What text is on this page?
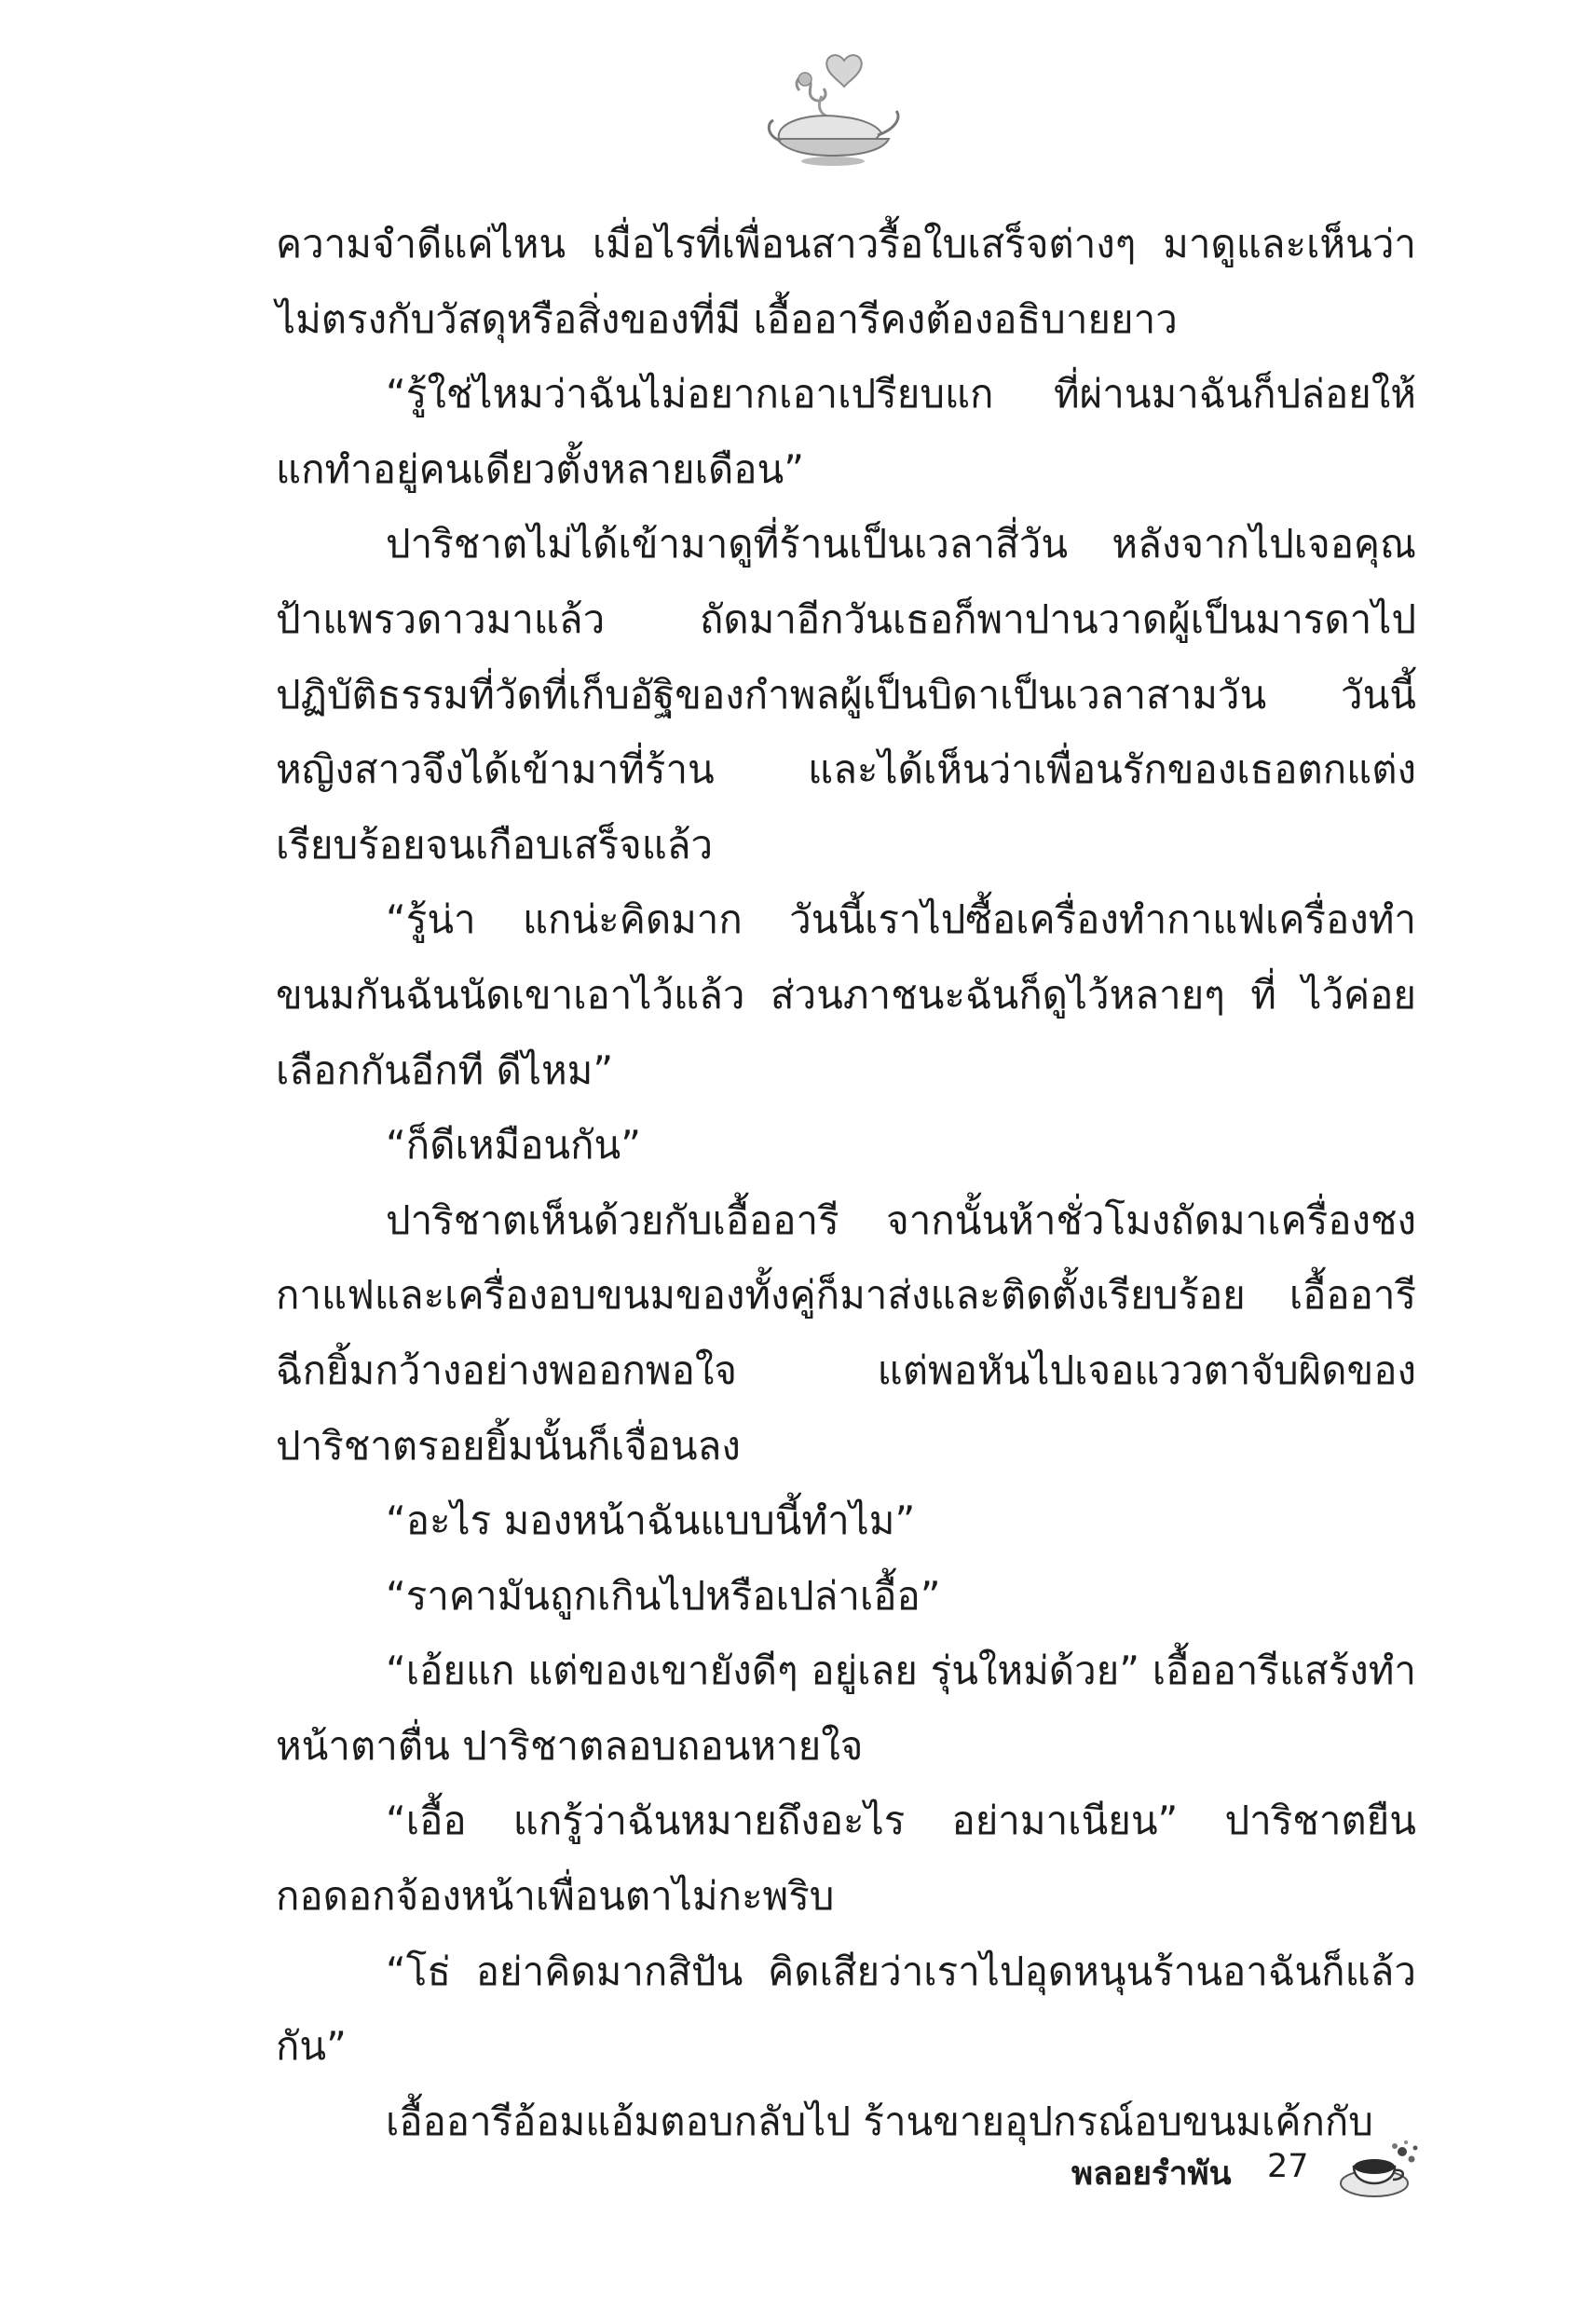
ความจำดีแค่ไหน เมื่อไรที่เพื่อนสาวรื้อใบเสร็จต่างๆ มาดูและเห็นว่าไม่ตรงกับวัสดุหรือสิ่งของที่มี เอื้ออารีคงต้องอธิบายยาว

“รู้ใช่ไหมว่าฉันไม่อยากเอาเปรียบแก ที่ผ่านมาฉันก็ปล่อยให้แกทำอยู่คนเดียวตั้งหลายเดือน”

ปาริชาตไม่ได้เข้ามาดูที่ร้านเป็นเวลาสี่วัน หลังจากไปเจอคุณป้าแพรวดาวมาแล้ว ถัดมาอีกวันเธอก็พาปานวาดผู้เป็นมารดาไปปฏิบัติธรรมที่วัดที่เก็บอัฐิของกำพลผู้เป็นบิดาเป็นเวลาสามวัน วันนี้หญิงสาวจึงได้เข้ามาที่ร้าน และได้เห็นว่าเพื่อนรักของเธอตกแต่งเรียบร้อยจนเกือบเสร็จแล้ว

“รู้น่า แกน่ะคิดมาก วันนี้เราไปซื้อเครื่องทำกาแฟเครื่องทำขนมกันฉันนัดเขาเอาไว้แล้ว ส่วนภาชนะฉันก็ดูไว้หลายๆ ที่ ไว้ค่อยเลือกกันอีกที ดีไหม”

“ก็ดีเหมือนกัน”

ปาริชาตเห็นด้วยกับเอื้ออารี จากนั้นห้าชั่วโมงถัดมาเครื่องชงกาแฟและเครื่องอบขนมของทั้งคู่ก็มาส่งและติดตั้งเรียบร้อย เอื้ออารีฉีกยิ้มกว้างอย่างพออกพอใจ แต่พอหันไปเจอแววตาจับผิดของปาริชาตรอยยิ้มนั้นก็เจื่อนลง

“อะไร มองหน้าฉันแบบนี้ทำไม”

“ราคามันถูกเกินไปหรือเปล่าเอื้อ”

“เอ้ยแก แต่ของเขายังดีๆ อยู่เลย รุ่นใหม่ด้วย” เอื้ออารีแสร้งทำหน้าตาตื่น ปาริชาตลอบถอนหายใจ

“เอื้อ แกรู้ว่าฉันหมายถึงอะไร อย่ามาเนียน” ปาริชาตยืนกอดอกจ้องหน้าเพื่อนตาไม่กะพริบ

“โธ่ อย่าคิดมากสิปัน คิดเสียว่าเราไปอุดหนุนร้านอาฉันก็แล้วกัน”

เอื้ออารีอ้อมแอ้มตอบกลับไป ร้านขายอุปกรณ์อบขนมเค้กกับ

พลอยรำพัน 27
